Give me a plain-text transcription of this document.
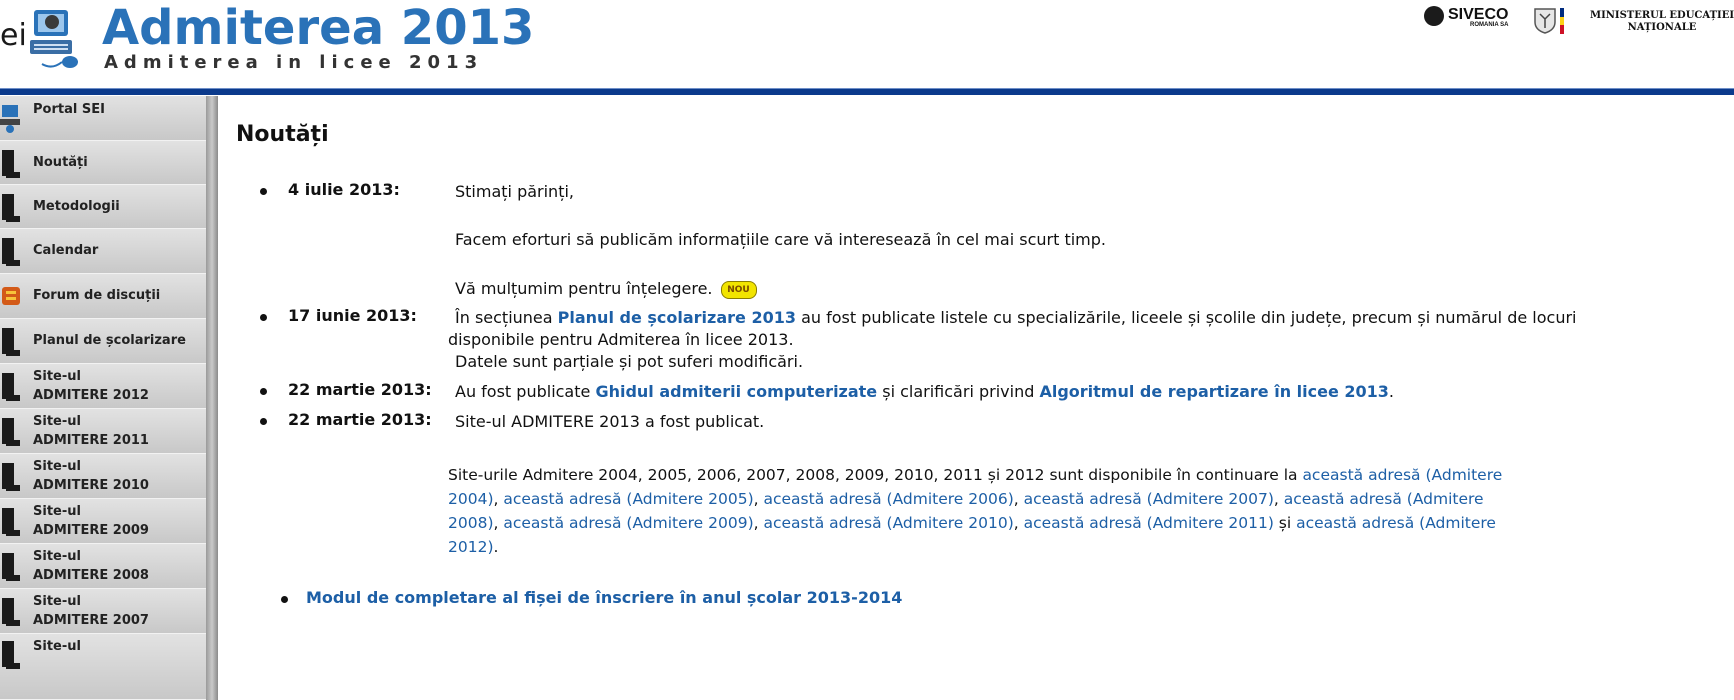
ei Admiterea 2013
Admiterea in licee 2013
SIVECO
ROMANIA SA
MINISTERUL EDUCAȚIEI
NAȚIONALE
Portal SEI
Noutăți
Metodologii
Calendar
Forum de discuții
Planul de școlarizare
Site-ul
ADMITERE 2012
Site-ul
ADMITERE 2011
Site-ul
ADMITERE 2010
Site-ul
ADMITERE 2009
Site-ul
ADMITERE 2008
Site-ul
ADMITERE 2007
Site-ul
Noutăți
4 iulie 2013:	Stimați părinți,
Facem eforturi să publicăm informațiile care vă interesează în cel mai scurt timp.
Vă mulțumim pentru înțelegere. NOU
17 iunie 2013: În secțiunea Planul de școlarizare 2013 au fost publicate listele cu specializările, liceele și școlile din județe, precum și numărul de locuri
disponibile pentru Admiterea în licee 2013.
Datele sunt parțiale și pot suferi modificări.
22 martie 2013: Au fost publicate Ghidul admiterii computerizate și clarificări privind Algoritmul de repartizare în licee 2013.
22 martie 2013: Site-ul ADMITERE 2013 a fost publicat.
Site-urile Admitere 2004, 2005, 2006, 2007, 2008, 2009, 2010, 2011 și 2012 sunt disponibile în continuare la această adresă (Admitere
2004), această adresă (Admitere 2005), această adresă (Admitere 2006), această adresă (Admitere 2007), această adresă (Admitere
2008), această adresă (Admitere 2009), această adresă (Admitere 2010), această adresă (Admitere 2011) și această adresă (Admitere
2012).
Modul de completare al fișei de înscriere în anul școlar 2013-2014
